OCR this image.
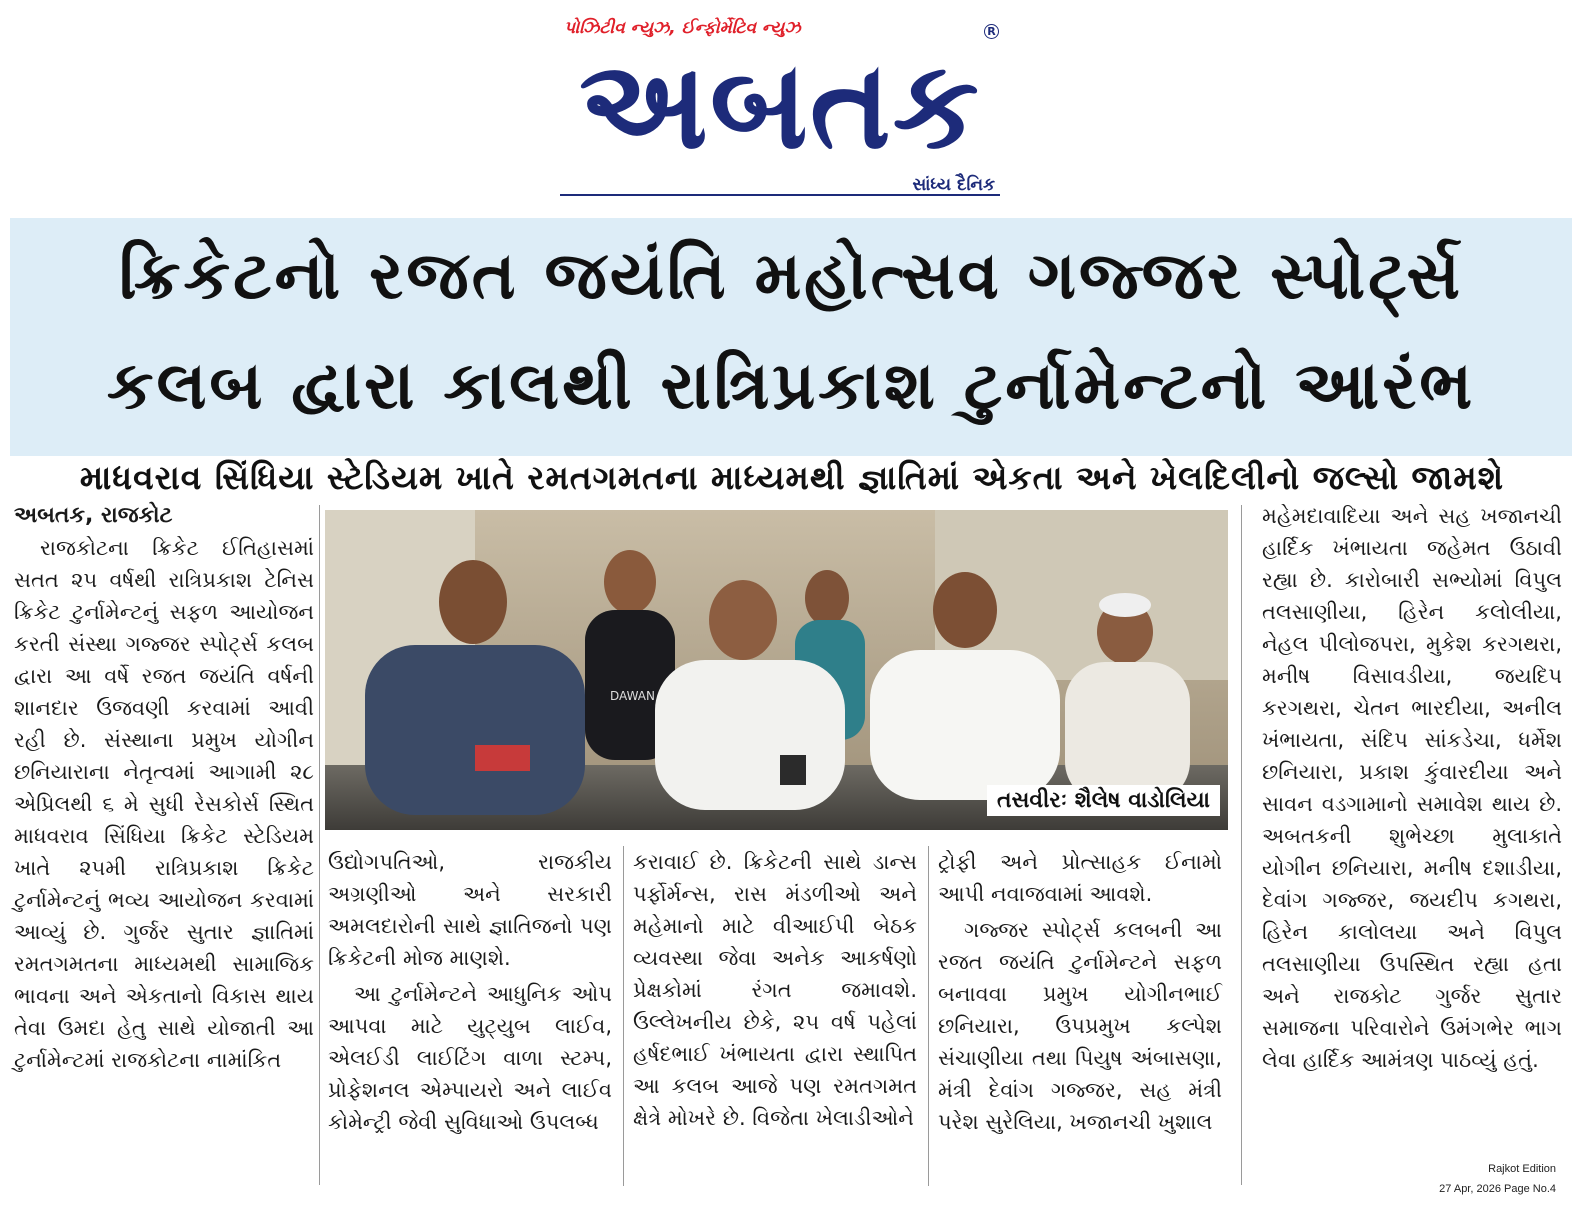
પોઝિટીવ ન્યુઝ, ઈન્ફોર્મેટિવ ન્યુઝ	R
અબતક
સાંધ્ય દૈનિક
ક્રિકેટનો રજત જયંતિ મહોત્સવ ગજ્જર સ્પોર્ટ્સ
કલબ દ્વારા કાલથી રાત્રિપ્રકાશ ટુર્નામેન્ટનો આરંભ
માધવરાવ સિંધિયા સ્ટેડિયમ ખાતે રમતગમતના માધ્યમથી જ્ઞાતિમાં એકતા અને ખેલદિલીનો જલ્સો જામશે

અબતક, રાજકોટ

રાજકોટના ક્રિકેટ ઈતિહાસમાં સતત ૨૫ વર્ષથી રાત્રિપ્રકાશ ટેનિસ ક્રિકેટ ટુર્નામેન્ટનું સફળ આયોજન કરતી સંસ્થા ગજ્જર સ્પોર્ટ્સ કલબ દ્વારા આ વર્ષે રજત જયંતિ વર્ષની શાનદાર ઉજવણી કરવામાં આવી રહી છે. સંસ્થાના પ્રમુખ યોગીન છનિયારાના નેતૃત્વમાં આગામી ૨૮ એપ્રિલથી ૬ મે સુધી રેસકોર્સ સ્થિત માધવરાવ સિંધિયા ક્રિકેટ સ્ટેડિયમ ખાતે ૨૫મી રાત્રિપ્રકાશ ક્રિકેટ ટુર્નામેન્ટનું ભવ્ય આયોજન કરવામાં આવ્યું છે. ગુર્જર સુતાર જ્ઞાતિમાં રમતગમતના માધ્યમથી સામાજિક ભાવના અને એકતાનો વિકાસ થાય તેવા ઉમદા હેતુ સાથે યોજાતી આ ટુર્નામેન્ટમાં રાજકોટના નામાંકિત

DAWAN
તસવીરઃ શૈલેષ વાડોલિયા

ઉદ્યોગપતિઓ, રાજકીય અગ્રણીઓ અને સરકારી અમલદારોની સાથે જ્ઞાતિજનો પણ ક્રિકેટની મોજ માણશે.

આ ટુર્નામેન્ટને આધુનિક ઓપ આપવા માટે યુટ્યુબ લાઈવ, એલઈડી લાઈટિંગ વાળા સ્ટમ્પ, પ્રોફેશનલ એમ્પાયરો અને લાઈવ કોમેન્ટ્રી જેવી સુવિધાઓ ઉપલબ્ધ

કરાવાઈ છે. ક્રિકેટની સાથે ડાન્સ પર્ફોર્મન્સ, રાસ મંડળીઓ અને મહેમાનો માટે વીઆઈપી બેઠક વ્યવસ્થા જેવા અનેક આકર્ષણો પ્રેક્ષકોમાં રંગત જમાવશે. ઉલ્લેખનીય છેકે, ૨૫ વર્ષ પહેલાં હર્ષદભાઈ ખંભાયતા દ્વારા સ્થાપિત આ કલબ આજે પણ રમતગમત ક્ષેત્રે મોખરે છે. વિજેતા ખેલાડીઓને

ટ્રોફી અને પ્રોત્સાહક ઈનામો આપી નવાજવામાં આવશે.

ગજ્જર સ્પોર્ટ્સ કલબની આ રજત જયંતિ ટુર્નામેન્ટને સફળ બનાવવા પ્રમુખ યોગીનભાઈ છનિયારા, ઉપપ્રમુખ કલ્પેશ સંચાણીયા તથા પિયુષ અંબાસણા, મંત્રી દેવાંગ ગજ્જર, સહ મંત્રી પરેશ સુરેલિયા, ખજાનચી ખુશાલ

મહેમદાવાદિયા અને સહ ખજાનચી હાર્દિક ખંભાયતા જહેમત ઉઠાવી રહ્યા છે. કારોબારી સભ્યોમાં વિપુલ તલસાણીયા, હિરેન કલોલીયા, નેહલ પીલોજપરા, મુકેશ કરગથરા, મનીષ વિસાવડીયા, જયદિપ કરગથરા, ચેતન ભારદીયા, અનીલ ખંભાયતા, સંદિપ સાંકડેચા, ધર્મેશ છનિયારા, પ્રકાશ કુંવારદીયા અને સાવન વડગામાનો સમાવેશ થાય છે. અબતકની શુભેચ્છા મુલાકાતે યોગીન છનિયારા, મનીષ દશાડીયા, દેવાંગ ગજ્જર, જયદીપ કગથરા, હિરેન કાલોલયા અને વિપુલ તલસાણીયા ઉપસ્થિત રહ્યા હતા અને રાજકોટ ગુર્જર સુતાર સમાજના પરિવારોને ઉમંગભેર ભાગ લેવા હાર્દિક આમંત્રણ પાઠવ્યું હતું.

Rajkot Edition
27 Apr, 2026 Page No.4
